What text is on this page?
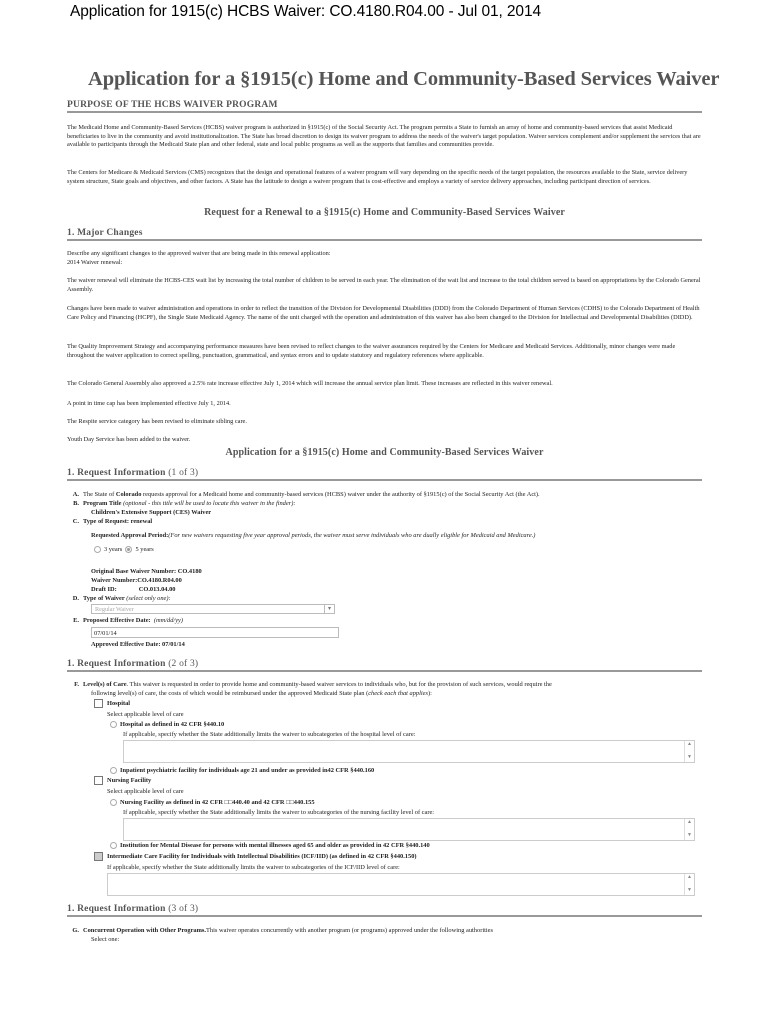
Application for 1915(c) HCBS Waiver: CO.4180.R04.00 - Jul 01, 2014
Application for a §1915(c) Home and Community-Based Services Waiver
PURPOSE OF THE HCBS WAIVER PROGRAM

The Medicaid Home and Community-Based Services (HCBS) waiver program is authorized in §1915(c) of the Social Security Act. The program permits a State to furnish an array of home and community-based services that assist Medicaid beneficiaries to live in the community and avoid institutionalization. The State has broad discretion to design its waiver program to address the needs of the waiver's target population. Waiver services complement and/or supplement the services that are available to participants through the Medicaid State plan and other federal, state and local public programs as well as the supports that families and communities provide.

The Centers for Medicare & Medicaid Services (CMS) recognizes that the design and operational features of a waiver program will vary depending on the specific needs of the target population, the resources available to the State, service delivery system structure, State goals and objectives, and other factors. A State has the latitude to design a waiver program that is cost-effective and employs a variety of service delivery approaches, including participant direction of services.

Request for a Renewal to a §1915(c) Home and Community-Based Services Waiver
1. Major Changes

Describe any significant changes to the approved waiver that are being made in this renewal application:

2014 Waiver renewal:

The waiver renewal will eliminate the HCBS-CES wait list by increasing the total number of children to be served in each year. The elimination of the wait list and increase to the total children served is based on appropriations by the Colorado General Assembly.

Changes have been made to waiver administration and operations in order to reflect the transition of the Division for Developmental Disabilities (DDD) from the Colorado Department of Human Services (CDHS) to the Colorado Department of Health Care Policy and Financing (HCPF), the Single State Medicaid Agency. The name of the unit charged with the operation and administration of this waiver has also been changed to the Division for Intellectual and Developmental Disabilities (DIDD).

The Quality Improvement Strategy and accompanying performance measures have been revised to reflect changes to the waiver assurances required by the Centers for Medicare and Medicaid Services. Additionally, minor changes were made throughout the waiver application to correct spelling, punctuation, grammatical, and syntax errors and to update statutory and regulatory references where applicable.

The Colorado General Assembly also approved a 2.5% rate increase effective July 1, 2014 which will increase the annual service plan limit. These increases are reflected in this waiver renewal.

A point in time cap has been implemented effective July 1, 2014.

The Respite service category has been revised to eliminate sibling care.

Youth Day Service has been added to the waiver.

Application for a §1915(c) Home and Community-Based Services Waiver
1. Request Information (1 of 3)
A. The State of Colorado requests approval for a Medicaid home and community-based services (HCBS) waiver under the authority of §1915(c) of the Social Security Act (the Act).
B. Program Title (optional - this title will be used to locate this waiver in the finder):
Children's Extensive Support (CES) Waiver
C. Type of Request: renewal
Requested Approval Period:(For new waivers requesting five year approval periods, the waiver must serve individuals who are dually eligible for Medicaid and Medicare.)
3 years 5 years
Original Base Waiver Number: CO.4180
Waiver Number:CO.4180.R04.00
Draft ID:	CO.013.04.00
D. Type of Waiver (select only one):
Regular Waiver	▾
E. Proposed Effective Date: (mm/dd/yy)
07/01/14
Approved Effective Date: 07/01/14
1. Request Information (2 of 3)
F. Level(s) of Care. This waiver is requested in order to provide home and community-based waiver services to individuals who, but for the provision of such services, would require the
following level(s) of care, the costs of which would be reimbursed under the approved Medicaid State plan (check each that applies):
Hospital
Select applicable level of care
Hospital as defined in 42 CFR §440.10
If applicable, specify whether the State additionally limits the waiver to subcategories of the hospital level of care:
▲
▼
Inpatient psychiatric facility for individuals age 21 and under as provided in42 CFR §440.160
Nursing Facility
Select applicable level of care
Nursing Facility as defined in 42 CFR □□440.40 and 42 CFR □□440.155
If applicable, specify whether the State additionally limits the waiver to subcategories of the nursing facility level of care:
▲
▼
Institution for Mental Disease for persons with mental illnesses aged 65 and older as provided in 42 CFR §440.140
Intermediate Care Facility for Individuals with Intellectual Disabilities (ICF/IID) (as defined in 42 CFR §440.150)
If applicable, specify whether the State additionally limits the waiver to subcategories of the ICF/IID level of care:
▲
▼
1. Request Information (3 of 3)
G. Concurrent Operation with Other Programs.This waiver operates concurrently with another program (or programs) approved under the following authorities
Select one:
